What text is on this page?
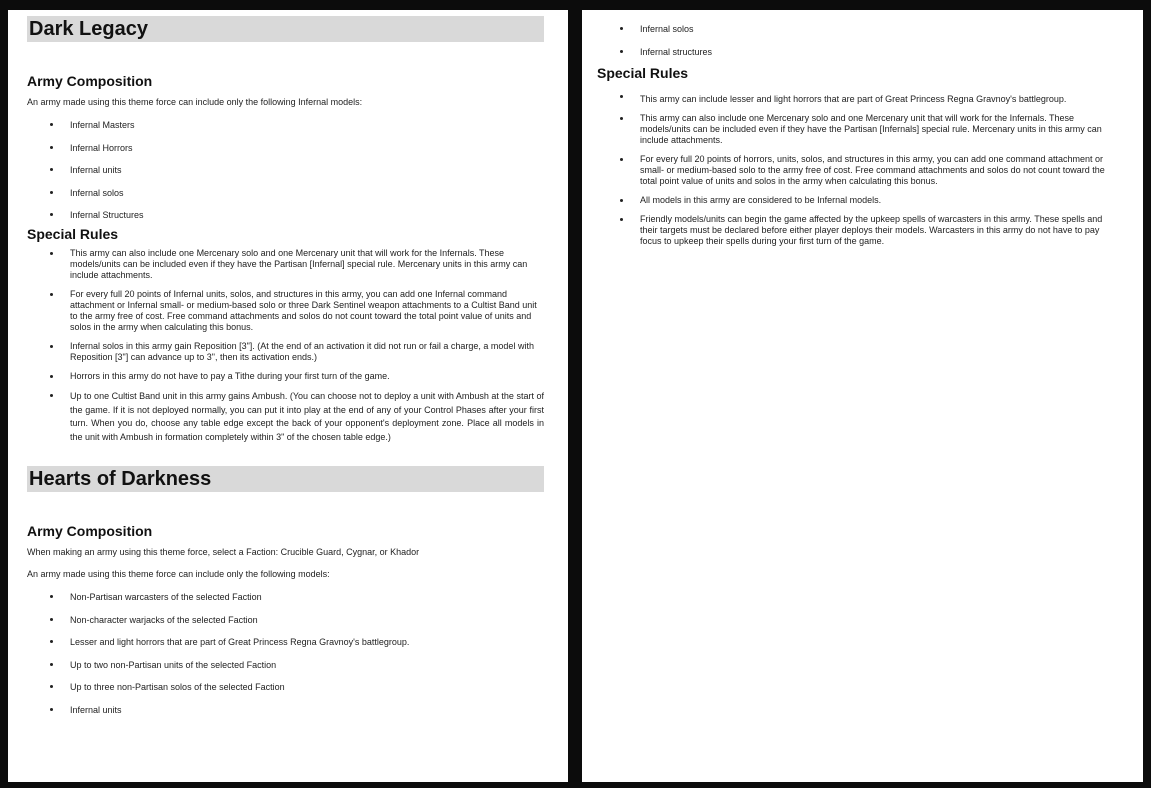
Dark Legacy
Army Composition

An army made using this theme force can include only the following Infernal models:

Infernal Masters
Infernal Horrors
Infernal units
Infernal solos
Infernal Structures
Special Rules
This army can also include one Mercenary solo and one Mercenary unit that will work for the Infernals. These models/units can be included even if they have the Partisan [Infernal] special rule. Mercenary units in this army can include attachments.
For every full 20 points of Infernal units, solos, and structures in this army, you can add one Infernal command attachment or Infernal small- or medium-based solo or three Dark Sentinel weapon attachments to a Cultist Band unit to the army free of cost. Free command attachments and solos do not count toward the total point value of units and solos in the army when calculating this bonus.
Infernal solos in this army gain Reposition [3"]. (At the end of an activation it did not run or fail a charge, a model with Reposition [3"] can advance up to 3", then its activation ends.)
Horrors in this army do not have to pay a Tithe during your first turn of the game.
Up to one Cultist Band unit in this army gains Ambush. (You can choose not to deploy a unit with Ambush at the start of the game. If it is not deployed normally, you can put it into play at the end of any of your Control Phases after your first turn. When you do, choose any table edge except the back of your opponent's deployment zone. Place all models in the unit with Ambush in formation completely within 3" of the chosen table edge.)
Hearts of Darkness
Army Composition

When making an army using this theme force, select a Faction: Crucible Guard, Cygnar, or Khador

An army made using this theme force can include only the following models:

Non-Partisan warcasters of the selected Faction
Non-character warjacks of the selected Faction
Lesser and light horrors that are part of Great Princess Regna Gravnoy's battlegroup.
Up to two non-Partisan units of the selected Faction
Up to three non-Partisan solos of the selected Faction
Infernal units
Infernal solos
Infernal structures
Special Rules
This army can include lesser and light horrors that are part of Great Princess Regna Gravnoy's battlegroup.
This army can also include one Mercenary solo and one Mercenary unit that will work for the Infernals. These models/units can be included even if they have the Partisan [Infernals] special rule. Mercenary units in this army can include attachments.
For every full 20 points of horrors, units, solos, and structures in this army, you can add one command attachment or small- or medium-based solo to the army free of cost. Free command attachments and solos do not count toward the total point value of units and solos in the army when calculating this bonus.
All models in this army are considered to be Infernal models.
Friendly models/units can begin the game affected by the upkeep spells of warcasters in this army. These spells and their targets must be declared before either player deploys their models. Warcasters in this army do not have to pay focus to upkeep their spells during your first turn of the game.
